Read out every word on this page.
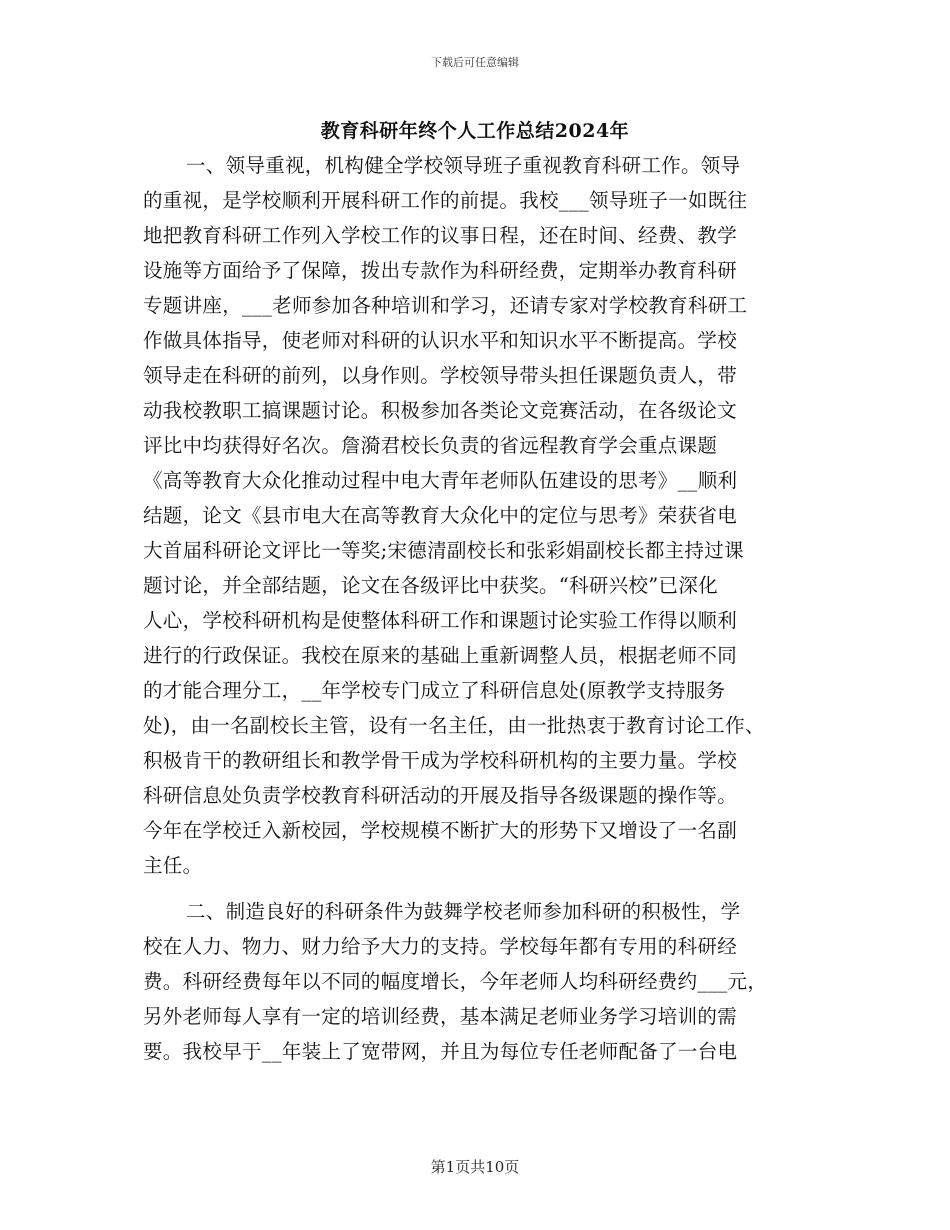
下载后可任意编辑
教育科研年终个人工作总结2024年
一、领导重视，机构健全学校领导班子重视教育科研工作。领导
的重视，是学校顺利开展科研工作的前提。我校___领导班子一如既往
地把教育科研工作列入学校工作的议事日程，还在时间、经费、教学
设施等方面给予了保障，拨出专款作为科研经费，定期举办教育科研
专题讲座，___老师参加各种培训和学习，还请专家对学校教育科研工
作做具体指导，使老师对科研的认识水平和知识水平不断提高。学校
领导走在科研的前列，以身作则。学校领导带头担任课题负责人，带
动我校教职工搞课题讨论。积极参加各类论文竞赛活动，在各级论文
评比中均获得好名次。詹漪君校长负责的省远程教育学会重点课题
《高等教育大众化推动过程中电大青年老师队伍建设的思考》__顺利
结题，论文《县市电大在高等教育大众化中的定位与思考》荣获省电
大首届科研论文评比一等奖;宋德清副校长和张彩娟副校长都主持过课
题讨论，并全部结题，论文在各级评比中获奖。“科研兴校”已深化
人心，学校科研机构是使整体科研工作和课题讨论实验工作得以顺利
进行的行政保证。我校在原来的基础上重新调整人员，根据老师不同
的才能合理分工，__年学校专门成立了科研信息处(原教学支持服务
处)，由一名副校长主管，设有一名主任，由一批热衷于教育讨论工作、
积极肯干的教研组长和教学骨干成为学校科研机构的主要力量。学校
科研信息处负责学校教育科研活动的开展及指导各级课题的操作等。
今年在学校迁入新校园，学校规模不断扩大的形势下又增设了一名副
主任。
二、制造良好的科研条件为鼓舞学校老师参加科研的积极性，学
校在人力、物力、财力给予大力的支持。学校每年都有专用的科研经
费。科研经费每年以不同的幅度增长，今年老师人均科研经费约___元，
另外老师每人享有一定的培训经费，基本满足老师业务学习培训的需
要。我校早于__年装上了宽带网，并且为每位专任老师配备了一台电
第1页共10页
